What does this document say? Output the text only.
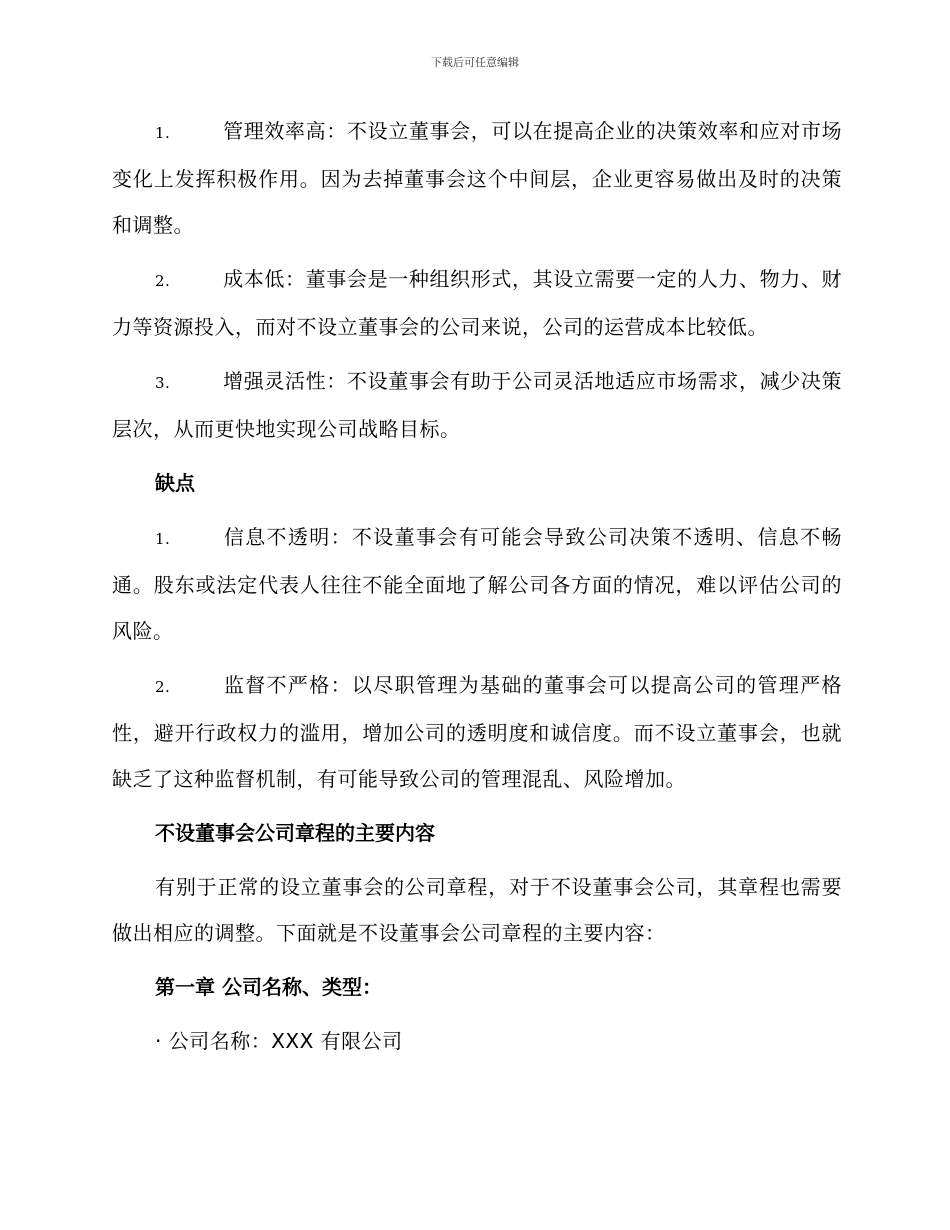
下载后可任意编辑

1.	管理效率高：不设立董事会，可以在提高企业的决策效率和应对市场变化上发挥积极作用。因为去掉董事会这个中间层，企业更容易做出及时的决策和调整。

2.	成本低：董事会是一种组织形式，其设立需要一定的人力、物力、财力等资源投入，而对不设立董事会的公司来说，公司的运营成本比较低。

3.	增强灵活性：不设董事会有助于公司灵活地适应市场需求，减少决策层次，从而更快地实现公司战略目标。

缺点

1.	信息不透明：不设董事会有可能会导致公司决策不透明、信息不畅通。股东或法定代表人往往不能全面地了解公司各方面的情况，难以评估公司的风险。

2.	监督不严格：以尽职管理为基础的董事会可以提高公司的管理严格性，避开行政权力的滥用，增加公司的透明度和诚信度。而不设立董事会，也就缺乏了这种监督机制，有可能导致公司的管理混乱、风险增加。

不设董事会公司章程的主要内容

有别于正常的设立董事会的公司章程，对于不设董事会公司，其章程也需要做出相应的调整。下面就是不设董事会公司章程的主要内容：

第一章 公司名称、类型：

· 公司名称：XXX 有限公司
